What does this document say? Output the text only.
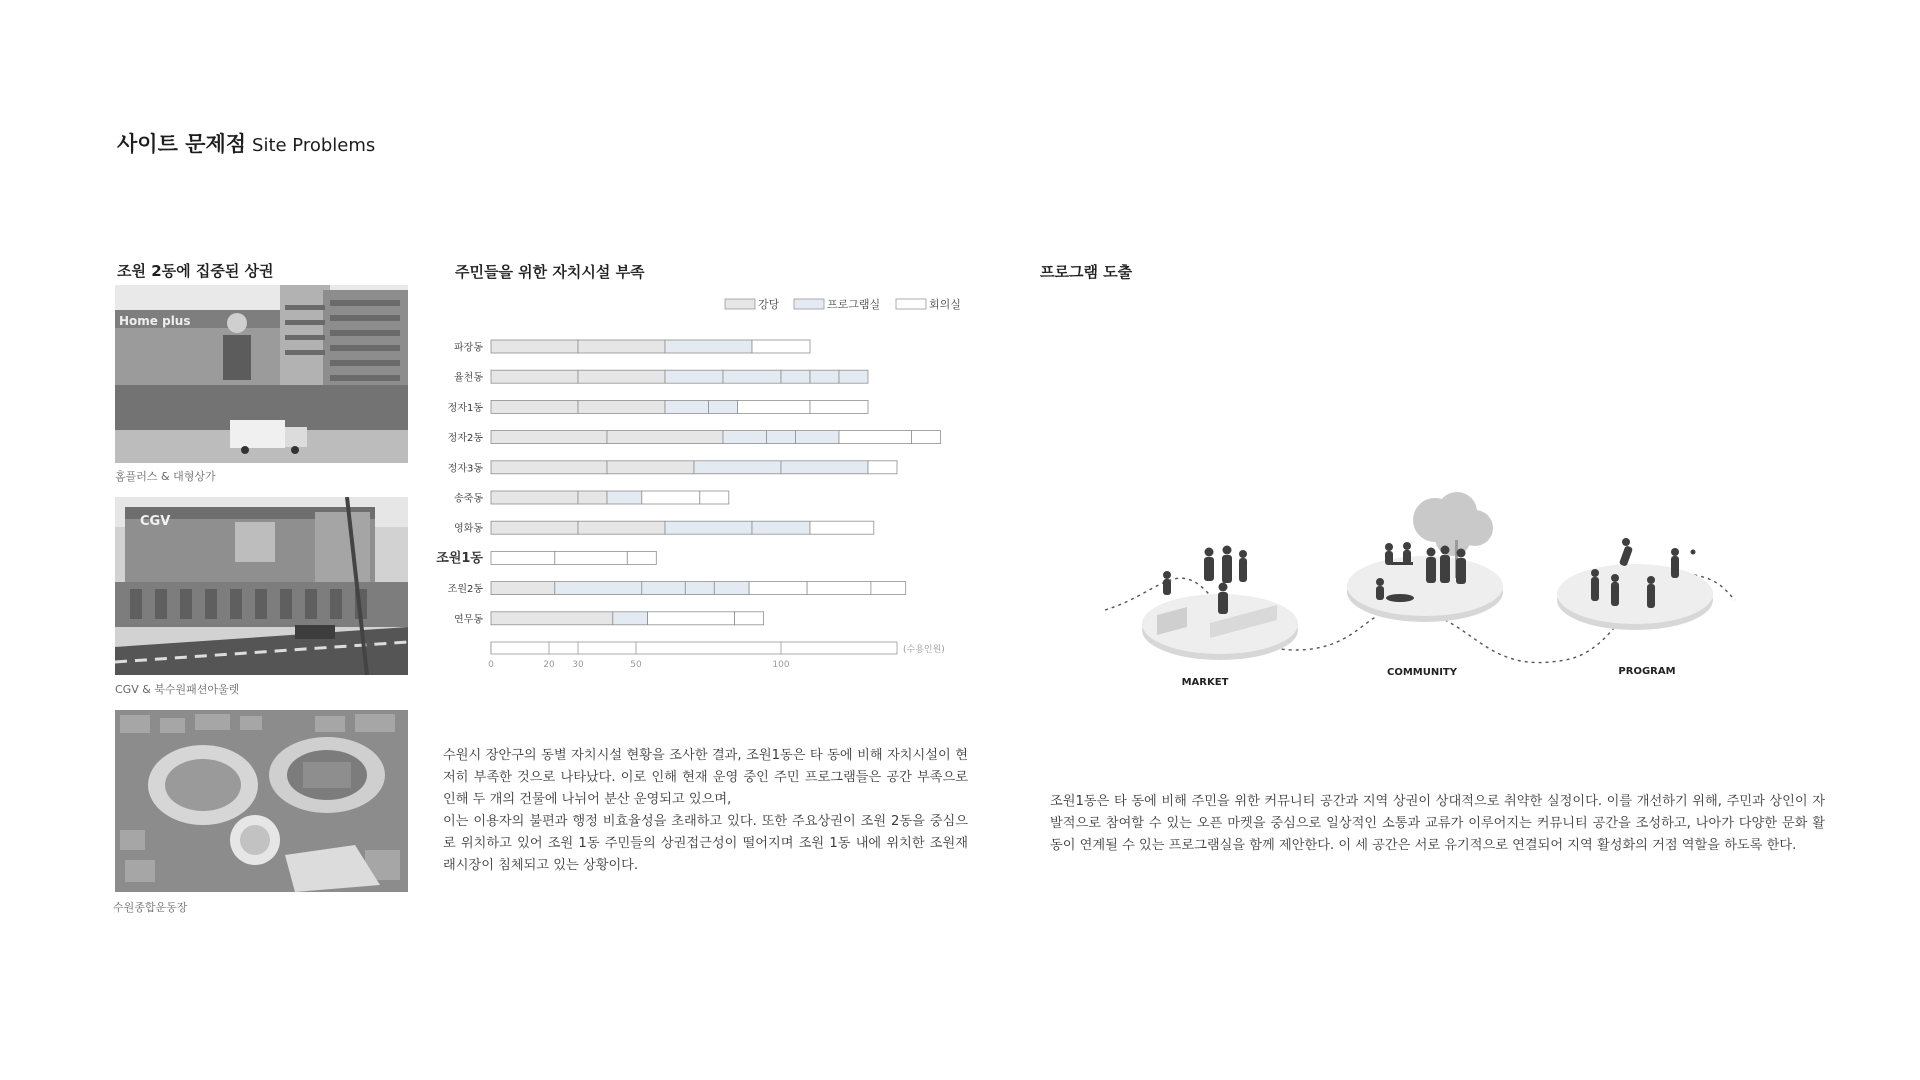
사이트 문제점 Site Problems
조원 2동에 집중된 상권
Home plus
홈플러스 & 대형상가
CGV
CGV & 북수원패션아울렛
수원종합운동장
주민들을 위한 자치시설 부족
강당	프로그램실	회의실
파장동
율천동
정자1동
정자2동
정자3동
송죽동
영화동
조원1동
조원2동
연무동
0	20 30	50	100
(수용인원)

수원시 장안구의 동별 자치시설 현황을 조사한 결과, 조원1동은 타 동에 비해 자치시설이 현저히 부족한 것으로 나타났다. 이로 인해 현재 운영 중인 주민 프로그램들은 공간 부족으로 인해 두 개의 건물에 나뉘어 분산 운영되고 있으며,

이는 이용자의 불편과 행정 비효율성을 초래하고 있다. 또한 주요상권이 조원 2동을 중심으로 위치하고 있어 조원 1동 주민들의 상권접근성이 떨어지며 조원 1동 내에 위치한 조원재래시장이 침체되고 있는 상황이다.

프로그램 도출
MARKET
COMMUNITY	PROGRAM
조원1동은 타 동에 비해 주민을 위한 커뮤니티 공간과 지역 상권이 상대적으로 취약한 실정이다. 이를 개선하기 위해, 주민과 상인이 자발적으로 참여할 수 있는 오픈 마켓을 중심으로 일상적인 소통과 교류가 이루어지는 커뮤니티 공간을 조성하고, 나아가 다양한 문화 활동이 연계될 수 있는 프로그램실을 함께 제안한다. 이 세 공간은 서로 유기적으로 연결되어 지역 활성화의 거점 역할을 하도록 한다.
